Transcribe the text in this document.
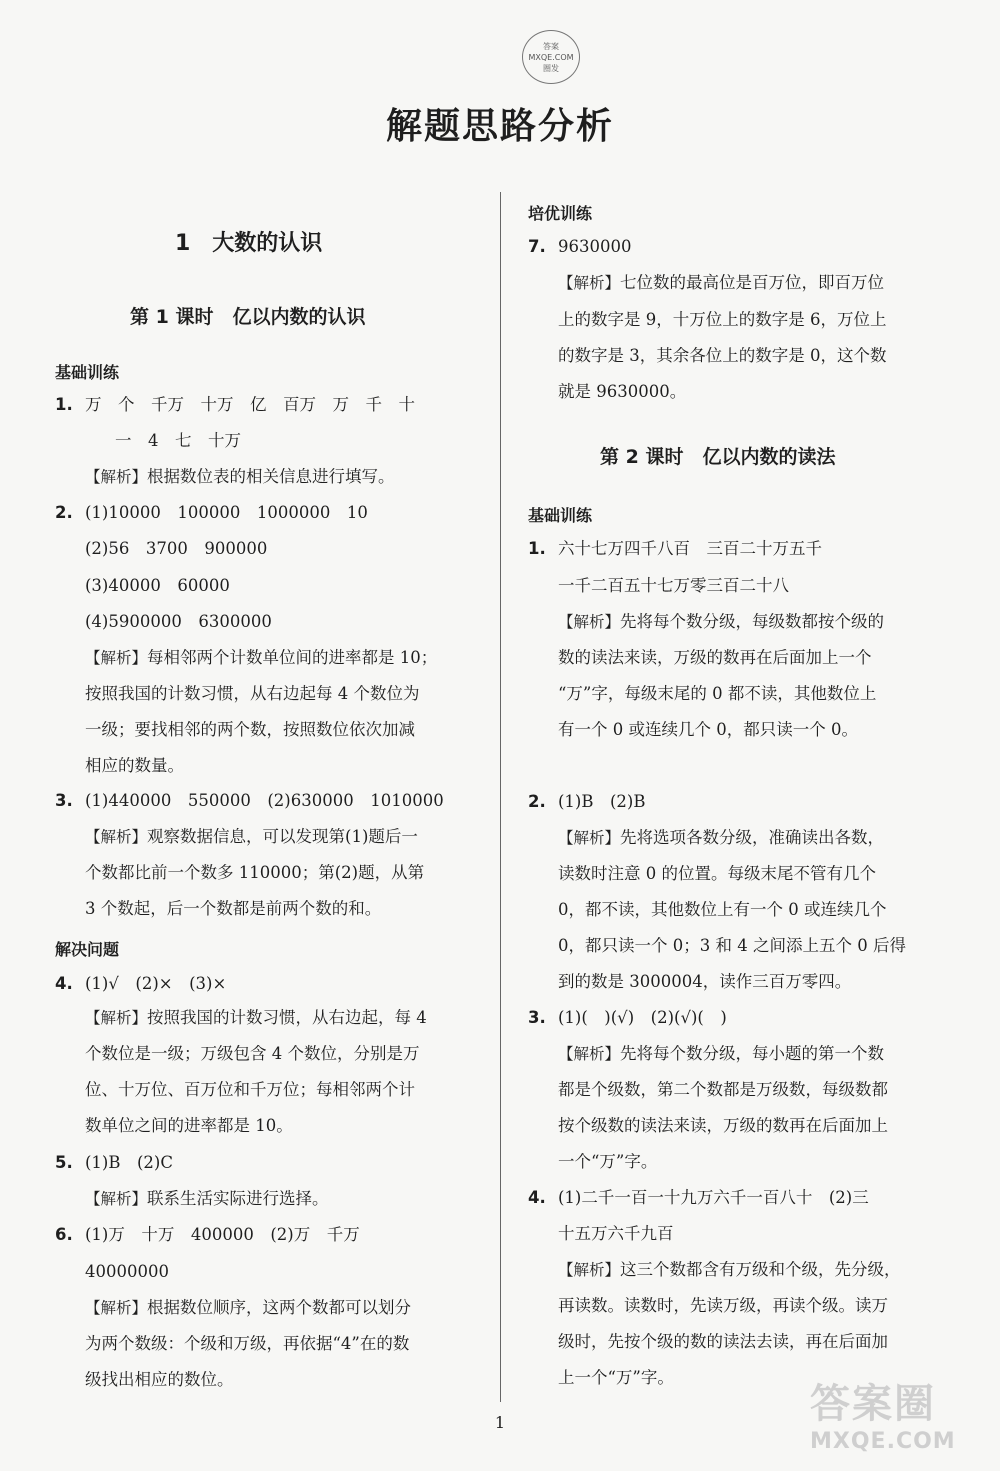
答案
MXQE.COM
圈发
解题思路分析
1　大数的认识
第 1 课时　亿以内数的认识
基础训练
1. 万　个　千万　十万　亿　百万　万　千　十
一　4　七　十万
【解析】根据数位表的相关信息进行填写。
2. (1)10000　100000　1000000　10
(2)56　3700　900000
(3)40000　60000
(4)5900000　6300000
【解析】每相邻两个计数单位间的进率都是 10；
按照我国的计数习惯，从右边起每 4 个数位为
一级；要找相邻的两个数，按照数位依次加减
相应的数量。
3. (1)440000　550000　(2)630000　1010000
【解析】观察数据信息，可以发现第(1)题后一
个数都比前一个数多 110000；第(2)题，从第
3 个数起，后一个数都是前两个数的和。
解决问题
4. (1)√　(2)×　(3)×
【解析】按照我国的计数习惯，从右边起，每 4
个数位是一级；万级包含 4 个数位，分别是万
位、十万位、百万位和千万位；每相邻两个计
数单位之间的进率都是 10。
5. (1)B　(2)C
【解析】联系生活实际进行选择。
6. (1)万　十万　400000　(2)万　千万
40000000
【解析】根据数位顺序，这两个数都可以划分
为两个数级：个级和万级，再依据“4”在的数
级找出相应的数位。
培优训练
7. 9630000
【解析】七位数的最高位是百万位，即百万位
上的数字是 9，十万位上的数字是 6，万位上
的数字是 3，其余各位上的数字是 0，这个数
就是 9630000。
第 2 课时　亿以内数的读法
基础训练
1. 六十七万四千八百　三百二十万五千
一千二百五十七万零三百二十八
【解析】先将每个数分级，每级数都按个级的
数的读法来读，万级的数再在后面加上一个
“万”字，每级末尾的 0 都不读，其他数位上
有一个 0 或连续几个 0，都只读一个 0。
2. (1)B　(2)B
【解析】先将选项各数分级，准确读出各数，
读数时注意 0 的位置。每级末尾不管有几个
0，都不读，其他数位上有一个 0 或连续几个
0，都只读一个 0；3 和 4 之间添上五个 0 后得
到的数是 3000004，读作三百万零四。
3. (1)(　)(√)　(2)(√)(　)
【解析】先将每个数分级，每小题的第一个数
都是个级数，第二个数都是万级数，每级数都
按个级数的读法来读，万级的数再在后面加上
一个“万”字。
4. (1)二千一百一十九万六千一百八十　(2)三
十五万六千九百
【解析】这三个数都含有万级和个级，先分级，
再读数。读数时，先读万级，再读个级。读万
级时，先按个级的数的读法去读，再在后面加
上一个“万”字。
1	答案圈
MXQE.COM
